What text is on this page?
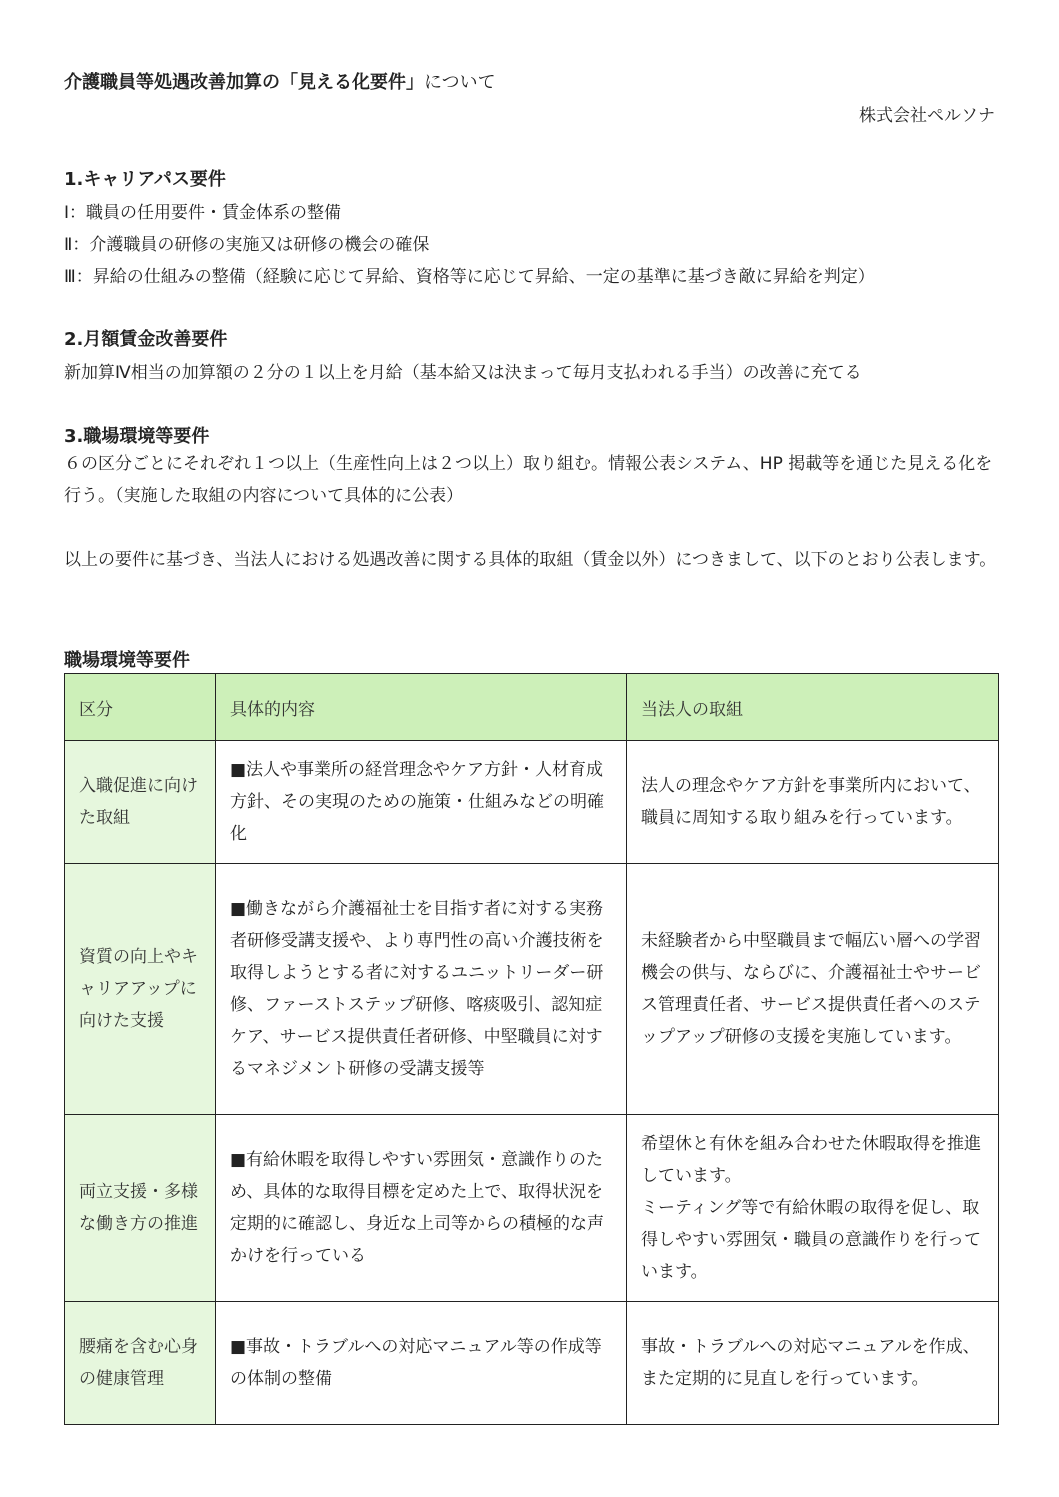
介護職員等処遇改善加算の「見える化要件」について
株式会社ペルソナ
1.キャリアパス要件
Ⅰ：職員の任用要件・賃金体系の整備
Ⅱ：介護職員の研修の実施又は研修の機会の確保
Ⅲ：昇給の仕組みの整備（経験に応じて昇給、資格等に応じて昇給、一定の基準に基づき敵に昇給を判定）
2.月額賃金改善要件
新加算Ⅳ相当の加算額の２分の１以上を月給（基本給又は決まって毎月支払われる手当）の改善に充てる
3.職場環境等要件
６の区分ごとにそれぞれ１つ以上（生産性向上は２つ以上）取り組む。情報公表システム、HP 掲載等を通じた見える化を行う。（実施した取組の内容について具体的に公表）
以上の要件に基づき、当法人における処遇改善に関する具体的取組（賃金以外）につきまして、以下のとおり公表します。
職場環境等要件
区分	具体的内容	当法人の取組
入職促進に向けた取組	■法人や事業所の経営理念やケア方針・人材育成方針、その実現のための施策・仕組みなどの明確化	法人の理念やケア方針を事業所内において、職員に周知する取り組みを行っています。
資質の向上やキャリアアップに向けた支援	■働きながら介護福祉士を目指す者に対する実務者研修受講支援や、より専門性の高い介護技術を取得しようとする者に対するユニットリーダー研修、ファーストステップ研修、喀痰吸引、認知症ケア、サービス提供責任者研修、中堅職員に対するマネジメント研修の受講支援等	未経験者から中堅職員まで幅広い層への学習機会の供与、ならびに、介護福祉士やサービス管理責任者、サービス提供責任者へのステップアップ研修の支援を実施しています。
両立支援・多様な働き方の推進	■有給休暇を取得しやすい雰囲気・意識作りのため、具体的な取得目標を定めた上で、取得状況を定期的に確認し、身近な上司等からの積極的な声かけを行っている	希望休と有休を組み合わせた休暇取得を推進しています。
ミーティング等で有給休暇の取得を促し、取得しやすい雰囲気・職員の意識作りを行っています。
腰痛を含む心身の健康管理	■事故・トラブルへの対応マニュアル等の作成等の体制の整備	事故・トラブルへの対応マニュアルを作成、また定期的に見直しを行っています。
